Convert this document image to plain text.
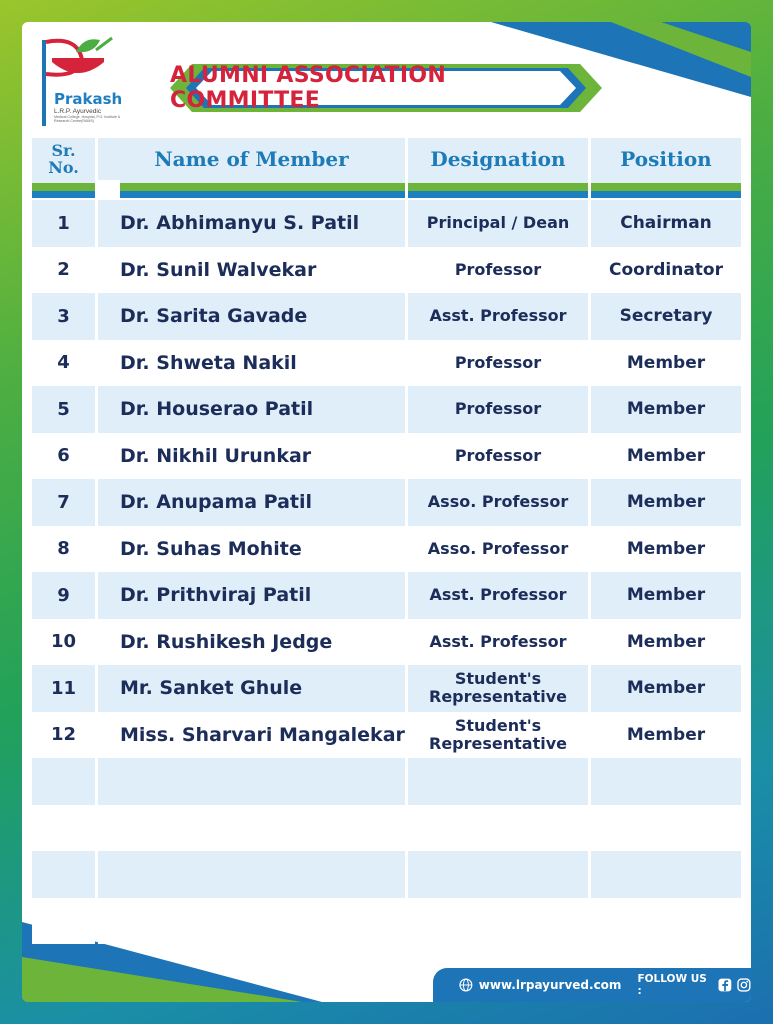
Prakash
L.R.P. Ayurvedic
Medical College, Hospital, P.G. Institute & Research Centre(RAMS)
ALUMNI ASSOCIATION COMMITTEE
Sr.
No.	Name of Member	Designation	Position
1	Dr. Abhimanyu S. Patil	Principal / Dean	Chairman
2	Dr. Sunil Walvekar	Professor	Coordinator
3	Dr. Sarita Gavade	Asst. Professor	Secretary
4	Dr. Shweta Nakil	Professor	Member
5	Dr. Houserao Patil	Professor	Member
6	Dr. Nikhil Urunkar	Professor	Member
7	Dr. Anupama Patil	Asso. Professor	Member
8	Dr. Suhas Mohite	Asso. Professor	Member
9	Dr. Prithviraj Patil	Asst. Professor	Member
10	Dr. Rushikesh Jedge	Asst. Professor	Member
11	Mr. Sanket Ghule	Student's Representative	Member
12	Miss. Sharvari Mangalekar	Student's Representative	Member
www.lrpayurved.com FOLLOW US :
